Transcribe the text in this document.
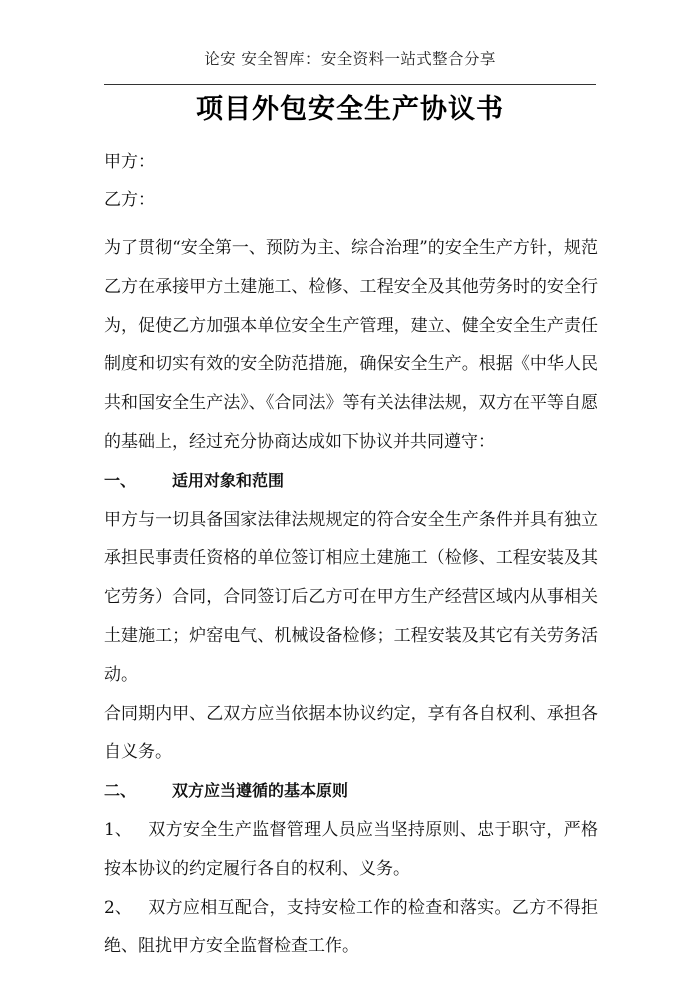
论安 安全智库：安全资料一站式整合分享
项目外包安全生产协议书
甲方：
乙方：

为了贯彻“安全第一、预防为主、综合治理”的安全生产方针，规范乙方在承接甲方土建施工、检修、工程安全及其他劳务时的安全行为，促使乙方加强本单位安全生产管理，建立、健全安全生产责任制度和切实有效的安全防范措施，确保安全生产。根据《中华人民共和国安全生产法》、《合同法》等有关法律法规，双方在平等自愿的基础上，经过充分协商达成如下协议并共同遵守：

一、 适用对象和范围

甲方与一切具备国家法律法规规定的符合安全生产条件并具有独立承担民事责任资格的单位签订相应土建施工（检修、工程安装及其它劳务）合同，合同签订后乙方可在甲方生产经营区域内从事相关土建施工；炉窑电气、机械设备检修；工程安装及其它有关劳务活动。

合同期内甲、乙双方应当依据本协议约定，享有各自权利、承担各自义务。

二、 双方应当遵循的基本原则

1、 双方安全生产监督管理人员应当坚持原则、忠于职守，严格按本协议的约定履行各自的权利、义务。

2、 双方应相互配合，支持安检工作的检查和落实。乙方不得拒绝、阻扰甲方安全监督检查工作。
